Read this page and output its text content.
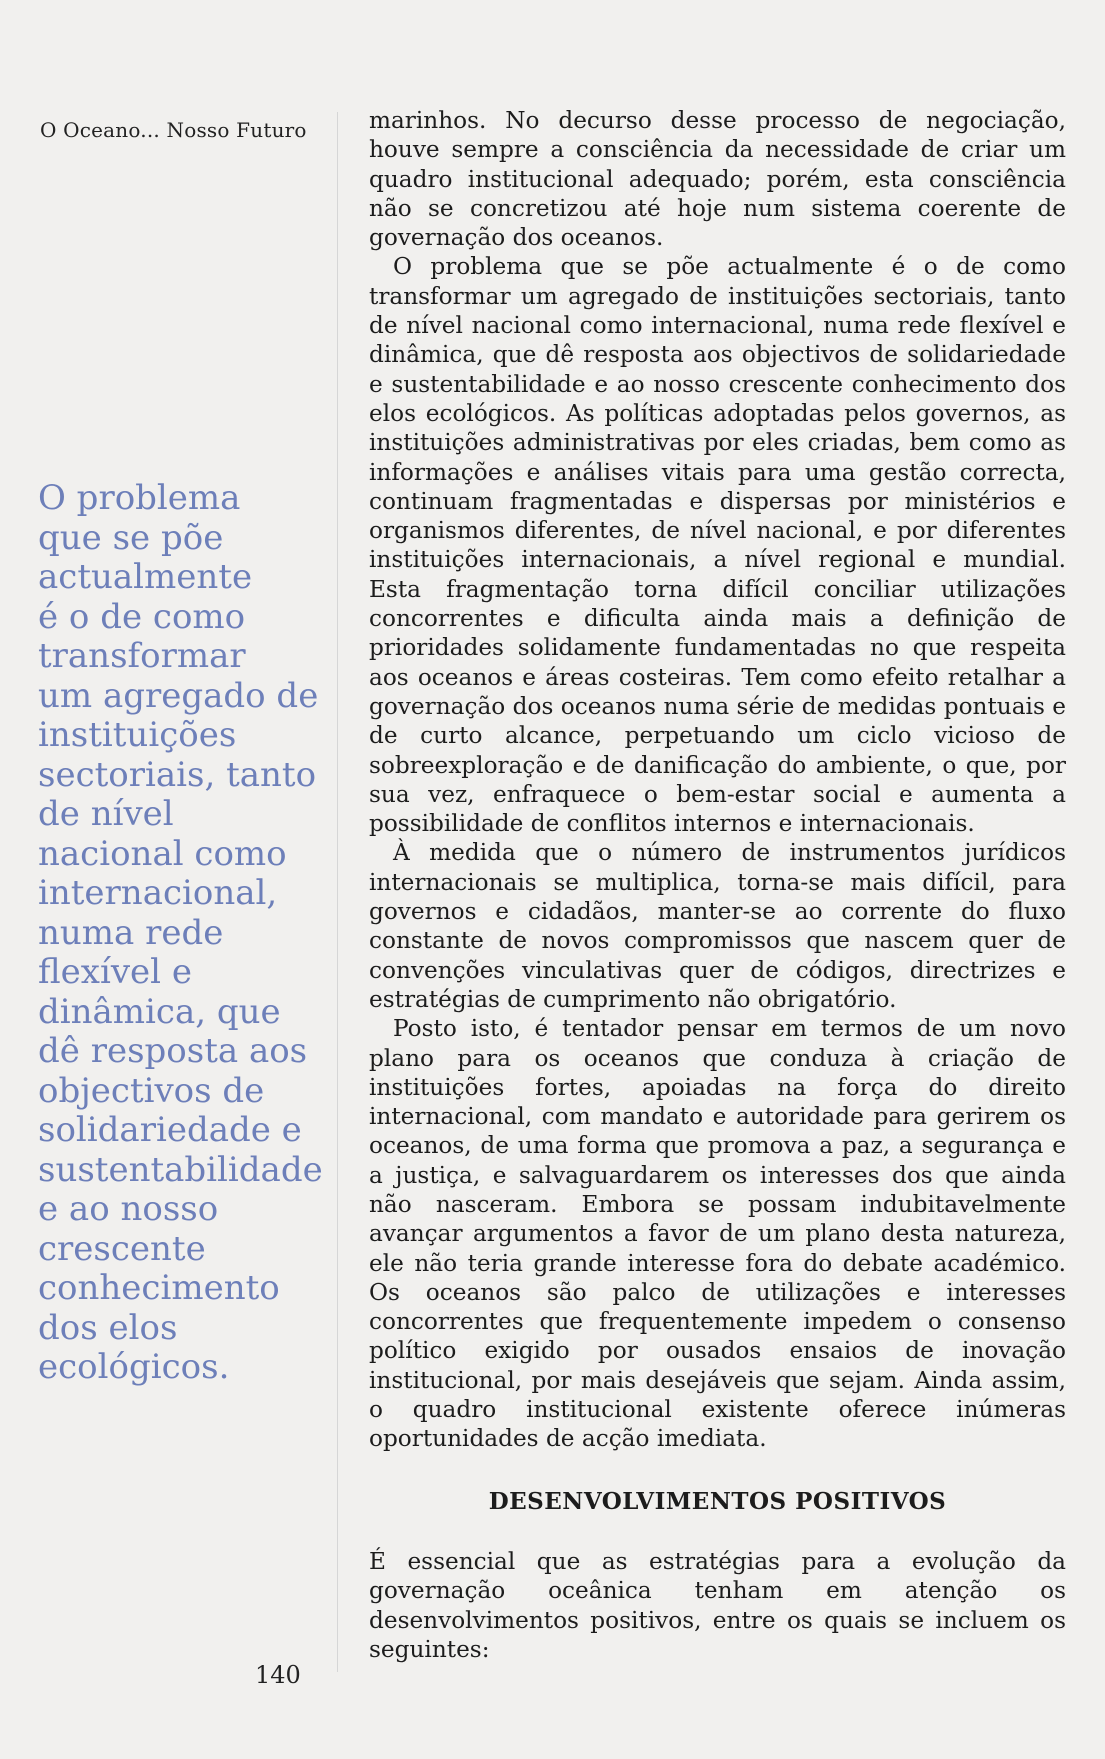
O Oceano... Nosso Futuro
O problema
que se põe
actualmente
é o de como
transformar
um agregado de
instituições
sectoriais, tanto
de nível
nacional como
internacional,
numa rede
flexível e
dinâmica, que
dê resposta aos
objectivos de
solidariedade e
sustentabilidade
e ao nosso
crescente
conhecimento
dos elos
ecológicos.

marinhos. No decurso desse processo de negociação, houve sempre a consciência da necessidade de criar um quadro institucional adequado; porém, esta consciência não se concretizou até hoje num sistema coerente de governação dos oceanos.

O problema que se põe actualmente é o de como transformar um agregado de instituições sectoriais, tanto de nível nacional como internacional, numa rede flexível e dinâmica, que dê resposta aos objectivos de solidariedade e sustentabilidade e ao nosso crescente conhecimento dos elos ecológicos. As políticas adoptadas pelos governos, as instituições administrativas por eles criadas, bem como as informações e análises vitais para uma gestão correcta, continuam fragmentadas e dispersas por ministérios e organismos diferentes, de nível nacional, e por diferentes instituições internacionais, a nível regional e mundial. Esta fragmentação torna difícil conciliar utilizações concorrentes e dificulta ainda mais a definição de prioridades solidamente fundamentadas no que respeita aos oceanos e áreas costeiras. Tem como efeito retalhar a governação dos oceanos numa série de medidas pontuais e de curto alcance, perpetuando um ciclo vicioso de sobreexploração e de danificação do ambiente, o que, por sua vez, enfraquece o bem-estar social e aumenta a possibilidade de conflitos internos e internacionais.

À medida que o número de instrumentos jurídicos internacionais se multiplica, torna-se mais difícil, para governos e cidadãos, manter-se ao corrente do fluxo constante de novos compromissos que nascem quer de convenções vinculativas quer de códigos, directrizes e estratégias de cumprimento não obrigatório.

Posto isto, é tentador pensar em termos de um novo plano para os oceanos que conduza à criação de instituições fortes, apoiadas na força do direito internacional, com mandato e autoridade para gerirem os oceanos, de uma forma que promova a paz, a segurança e a justiça, e salvaguardarem os interesses dos que ainda não nasceram. Embora se possam indubitavelmente avançar argumentos a favor de um plano desta natureza, ele não teria grande interesse fora do debate académico. Os oceanos são palco de utilizações e interesses concorrentes que frequentemente impedem o consenso político exigido por ousados ensaios de inovação institucional, por mais desejáveis que sejam. Ainda assim, o quadro institucional existente oferece inúmeras oportunidades de acção imediata.

DESENVOLVIMENTOS POSITIVOS

É essencial que as estratégias para a evolução da governação oceânica tenham em atenção os desenvolvimentos positivos, entre os quais se incluem os seguintes:

140
